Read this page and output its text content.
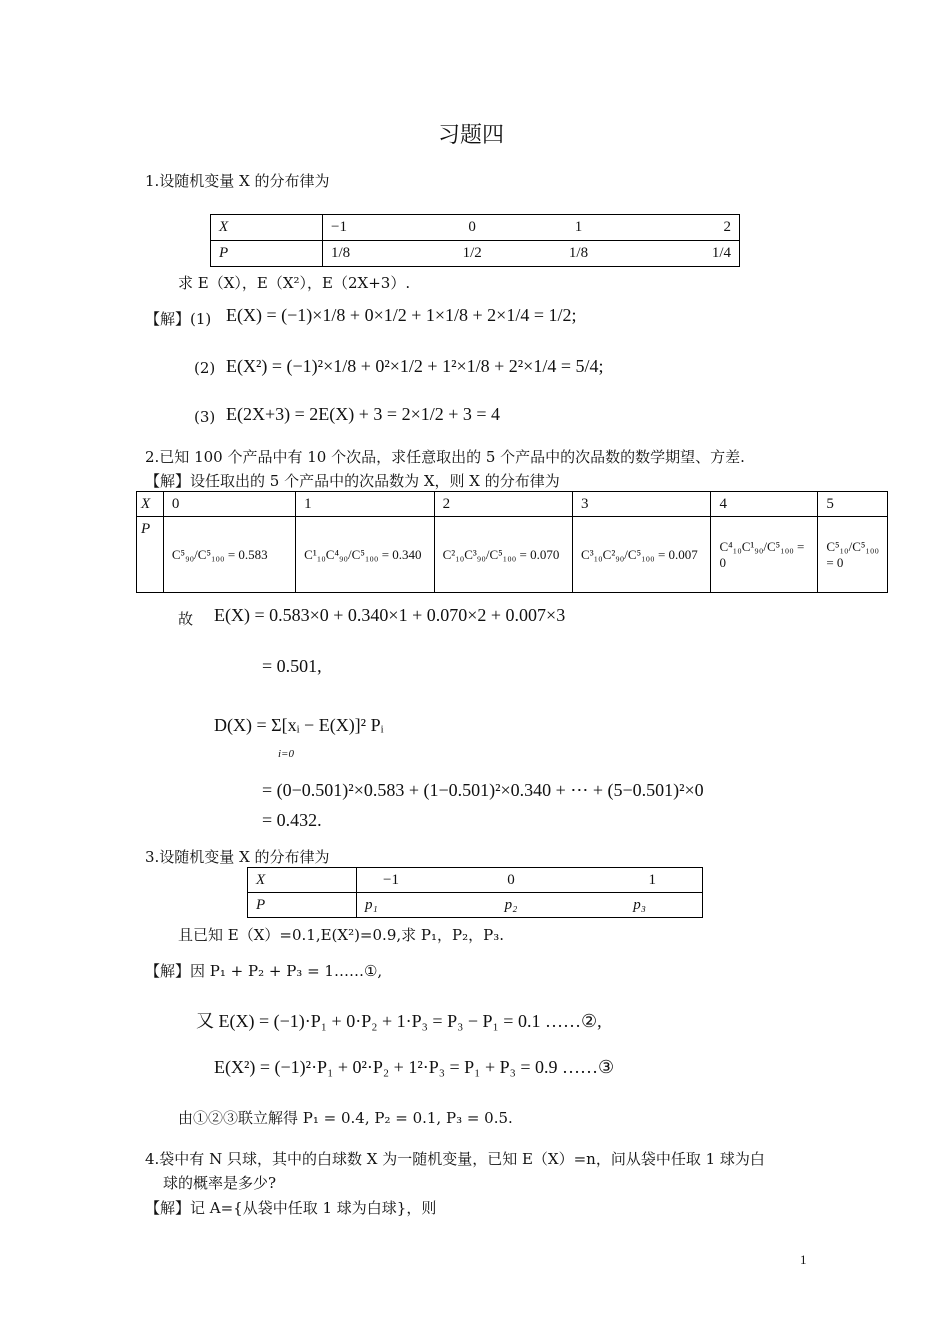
习题四
1.设随机变量 X 的分布律为
X	−1	0	1	2
P	1/8	1/2	1/8	1/4
求 E（X），E（X²），E（2X+3）.
【解】(1) E(X) = (−1)×1/8 + 0×1/2 + 1×1/8 + 2×1/4 = 1/2;
(2) E(X²) = (−1)²×1/8 + 0²×1/2 + 1²×1/8 + 2²×1/4 = 5/4;
(3) E(2X+3) = 2E(X) + 3 = 2×1/2 + 3 = 4
2.已知 100 个产品中有 10 个次品，求任意取出的 5 个产品中的次品数的数学期望、方差.
【解】设任取出的 5 个产品中的次品数为 X，则 X 的分布律为
X	0	1	2	3	4	5
P	C⁵₉₀/C⁵₁₀₀ = 0.583	C¹₁₀C⁴₉₀/C⁵₁₀₀ = 0.340	C²₁₀C³₉₀/C⁵₁₀₀ = 0.070	C³₁₀C²₉₀/C⁵₁₀₀ = 0.007	C⁴₁₀C¹₉₀/C⁵₁₀₀ = 0	C⁵₁₀/C⁵₁₀₀ = 0
故 E(X) = 0.583×0 + 0.340×1 + 0.070×2 + 0.007×3
= 0.501,
D(X) = Σ[xᵢ − E(X)]² Pᵢ
i=0
= (0−0.501)²×0.583 + (1−0.501)²×0.340 + ⋯ + (5−0.501)²×0
= 0.432.
3.设随机变量 X 的分布律为
X	−1	0	1
P	p₁	p₂	p₃
且已知 E（X）=0.1,E(X²)=0.9,求 P₁，P₂，P₃.
【解】因 P₁ + P₂ + P₃ = 1……①,
又 E(X) = (−1)·P₁ + 0·P₂ + 1·P₃ = P₃ − P₁ = 0.1 ……②,
E(X²) = (−1)²·P₁ + 0²·P₂ + 1²·P₃ = P₁ + P₃ = 0.9 ……③
由①②③联立解得 P₁ = 0.4, P₂ = 0.1, P₃ = 0.5.
4.袋中有 N 只球，其中的白球数 X 为一随机变量，已知 E（X）=n，问从袋中任取 1 球为白
球的概率是多少?
【解】记 A={从袋中任取 1 球为白球}，则
1
